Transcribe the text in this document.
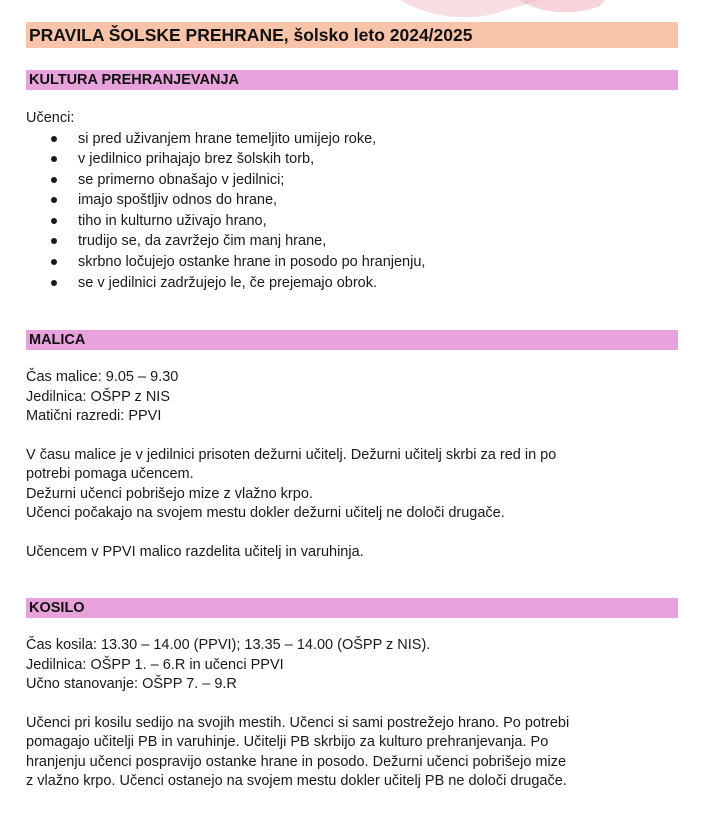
PRAVILA ŠOLSKE PREHRANE, šolsko leto 2024/2025
KULTURA PREHRANJEVANJA

Učenci:

si pred uživanjem hrane temeljito umijejo roke,
v jedilnico prihajajo brez šolskih torb,
se primerno obnašajo v jedilnici;
imajo spoštljiv odnos do hrane,
tiho in kulturno uživajo hrano,
trudijo se, da zavržejo čim manj hrane,
skrbno ločujejo ostanke hrane in posodo po hranjenju,
se v jedilnici zadržujejo le, če prejemajo obrok.
MALICA

Čas malice: 9.05 – 9.30

Jedilnica: OŠPP z NIS

Matični razredi: PPVI

V času malice je v jedilnici prisoten dežurni učitelj. Dežurni učitelj skrbi za red in po

potrebi pomaga učencem.

Dežurni učenci pobrišejo mize z vlažno krpo.

Učenci počakajo na svojem mestu dokler dežurni učitelj ne določi drugače.

Učencem v PPVI malico razdelita učitelj in varuhinja.

KOSILO

Čas kosila: 13.30 – 14.00 (PPVI); 13.35 – 14.00 (OŠPP z NIS).

Jedilnica: OŠPP 1. – 6.R in učenci PPVI

Učno stanovanje: OŠPP 7. – 9.R

Učenci pri kosilu sedijo na svojih mestih. Učenci si sami postrežejo hrano. Po potrebi

pomagajo učitelji PB in varuhinje. Učitelji PB skrbijo za kulturo prehranjevanja. Po

hranjenju učenci pospravijo ostanke hrane in posodo. Dežurni učenci pobrišejo mize

z vlažno krpo. Učenci ostanejo na svojem mestu dokler učitelj PB ne določi drugače.
